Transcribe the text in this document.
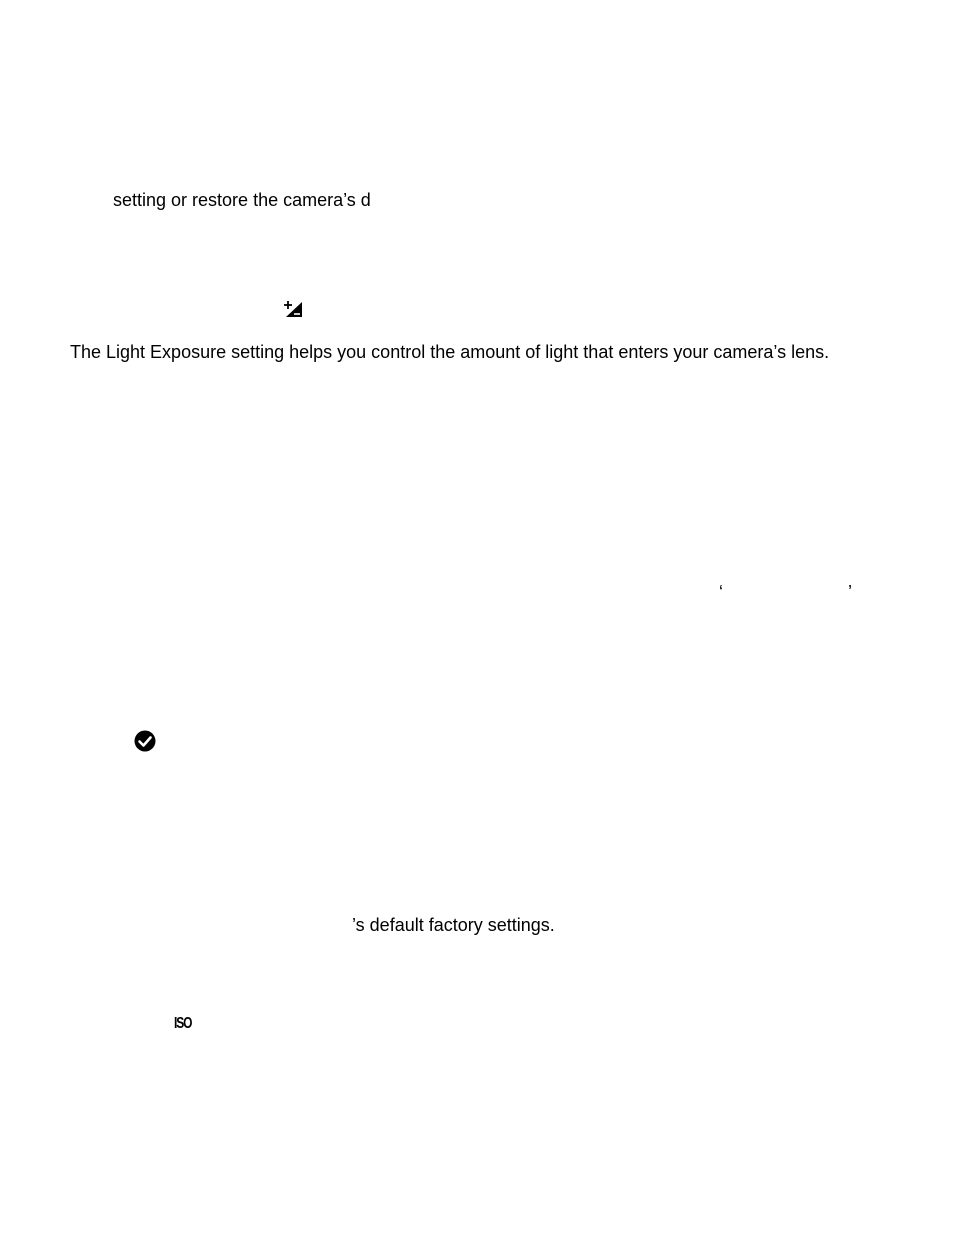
setting or restore the camera’s d
The Light Exposure setting helps you control the amount of light that enters your camera’s lens.
‘	’
’s default factory settings.
ISO
